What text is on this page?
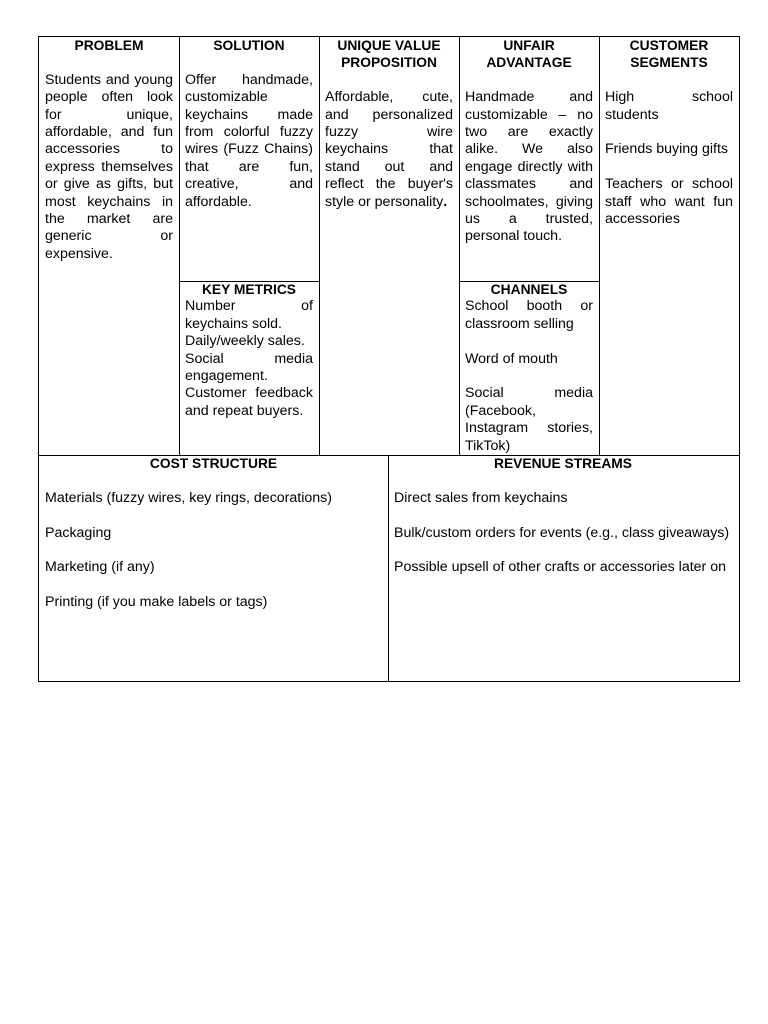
PROBLEM
Students and young people often look for unique, affordable, and fun accessories to express themselves or give as gifts, but most keychains in the market are generic or expensive.
SOLUTION
Offer handmade, customizable keychains made from colorful fuzzy wires (Fuzz Chains) that are fun, creative, and affordable.
KEY METRICS
Number of keychains sold.
Daily/weekly sales.
Social media engagement.
Customer feedback and repeat buyers.
UNIQUE VALUE
PROPOSITION
Affordable, cute, and personalized fuzzy wire keychains that stand out and reflect the buyer's style or personality.
UNFAIR
ADVANTAGE
Handmade and customizable – no two are exactly alike. We also engage directly with classmates and schoolmates, giving us a trusted, personal touch.
CHANNELS
School booth or classroom selling
Word of mouth
Social media (Facebook, Instagram stories, TikTok)
CUSTOMER
SEGMENTS
High school students
Friends buying gifts
Teachers or school staff who want fun accessories
COST STRUCTURE
Materials (fuzzy wires, key rings, decorations)
Packaging
Marketing (if any)
Printing (if you make labels or tags)
REVENUE STREAMS
Direct sales from keychains
Bulk/custom orders for events (e.g., class giveaways)
Possible upsell of other crafts or accessories later on
